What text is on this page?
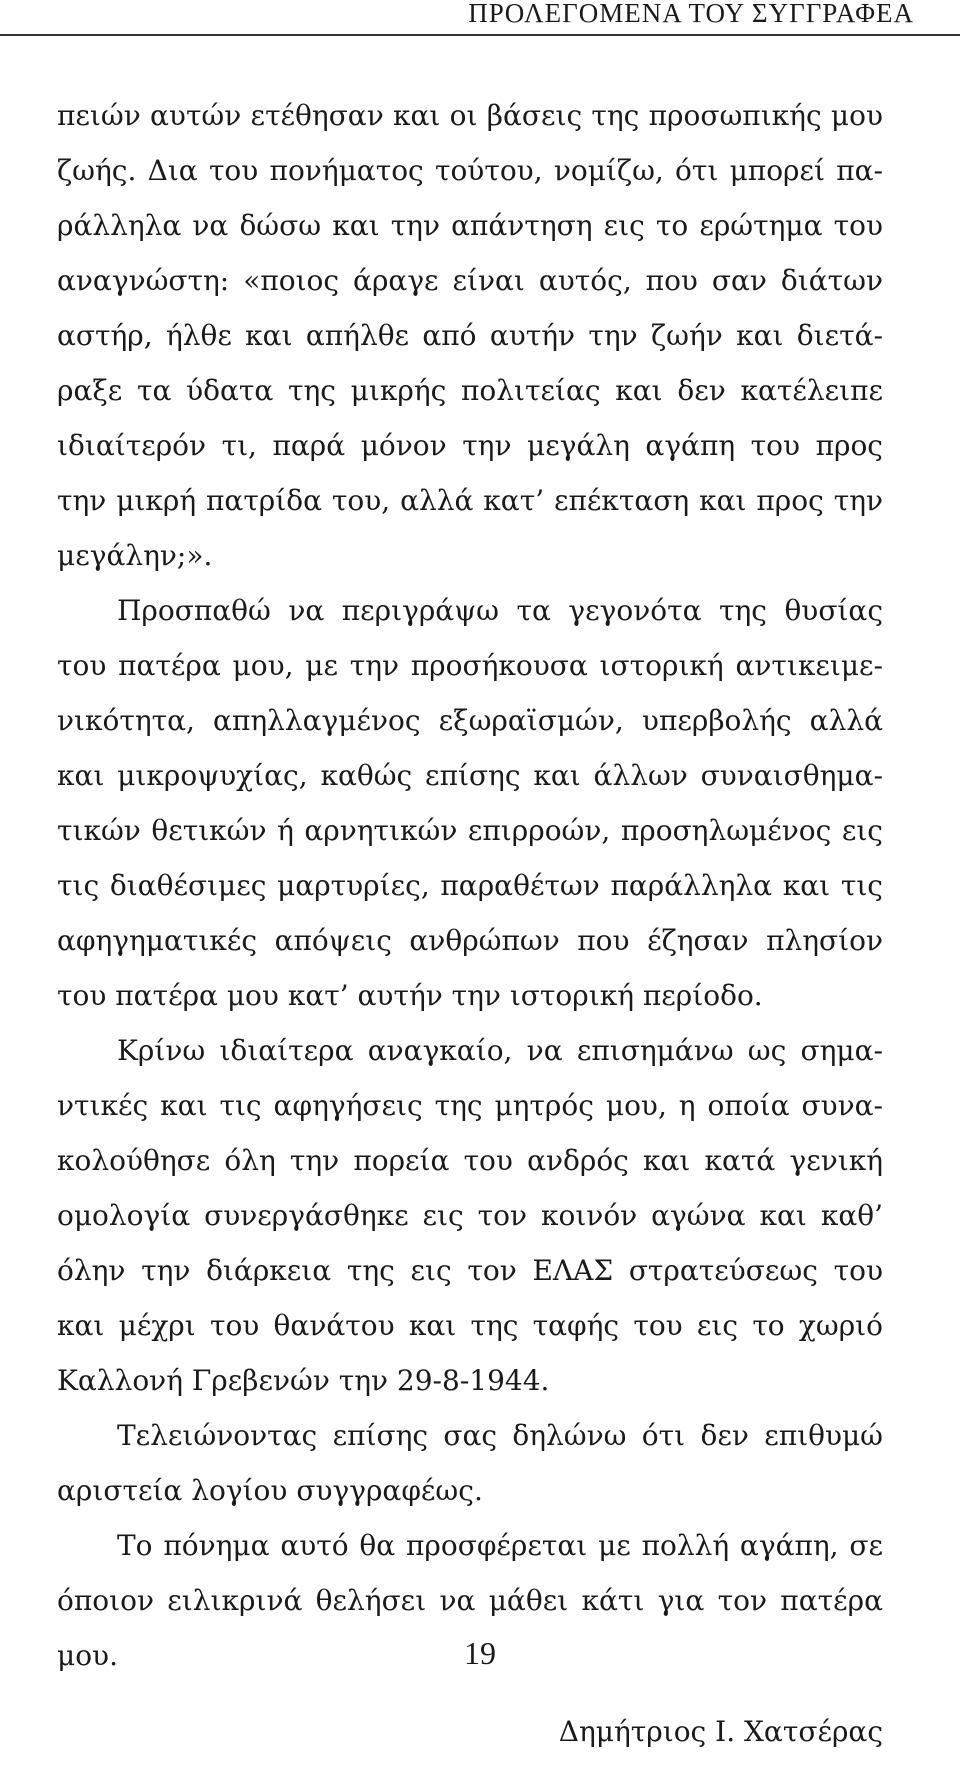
ΠΡΟΛΕΓΟΜΕΝΑ ΤΟΥ ΣΥΓΓΡΑΦΕΑ
πειών αυτών ετέθησαν και οι βάσεις της προσωπικής μου
ζωής. Δια του πονήματος τούτου, νομίζω, ότι μπορεί πα-
ράλληλα να δώσω και την απάντηση εις το ερώτημα του
αναγνώστη: «ποιος άραγε είναι αυτός, που σαν διάτων
αστήρ, ήλθε και απήλθε από αυτήν την ζωήν και διετά-
ραξε τα ύδατα της μικρής πολιτείας και δεν κατέλειπε
ιδιαίτερόν τι, παρά μόνον την μεγάλη αγάπη του προς
την μικρή πατρίδα του, αλλά κατ’ επέκταση και προς την
μεγάλην;».
Προσπαθώ να περιγράψω τα γεγονότα της θυσίας
του πατέρα μου, με την προσήκουσα ιστορική αντικειμε-
νικότητα, απηλλαγμένος εξωραϊσμών, υπερβολής αλλά
και μικροψυχίας, καθώς επίσης και άλλων συναισθημα-
τικών θετικών ή αρνητικών επιρροών, προσηλωμένος εις
τις διαθέσιμες μαρτυρίες, παραθέτων παράλληλα και τις
αφηγηματικές απόψεις ανθρώπων που έζησαν πλησίον
του πατέρα μου κατ’ αυτήν την ιστορική περίοδο.
Κρίνω ιδιαίτερα αναγκαίο, να επισημάνω ως σημα-
ντικές και τις αφηγήσεις της μητρός μου, η οποία συνα-
κολούθησε όλη την πορεία του ανδρός και κατά γενική
ομολογία συνεργάσθηκε εις τον κοινόν αγώνα και καθ’
όλην την διάρκεια της εις τον ΕΛΑΣ στρατεύσεως του
και μέχρι του θανάτου και της ταφής του εις το χωριό
Καλλονή Γρεβενών την 29-8-1944.
Τελειώνοντας επίσης σας δηλώνω ότι δεν επιθυμώ
αριστεία λογίου συγγραφέως.
Το πόνημα αυτό θα προσφέρεται με πολλή αγάπη, σε
όποιον ειλικρινά θελήσει να μάθει κάτι για τον πατέρα
μου.
Δημήτριος Ι. Χατσέρας
19
